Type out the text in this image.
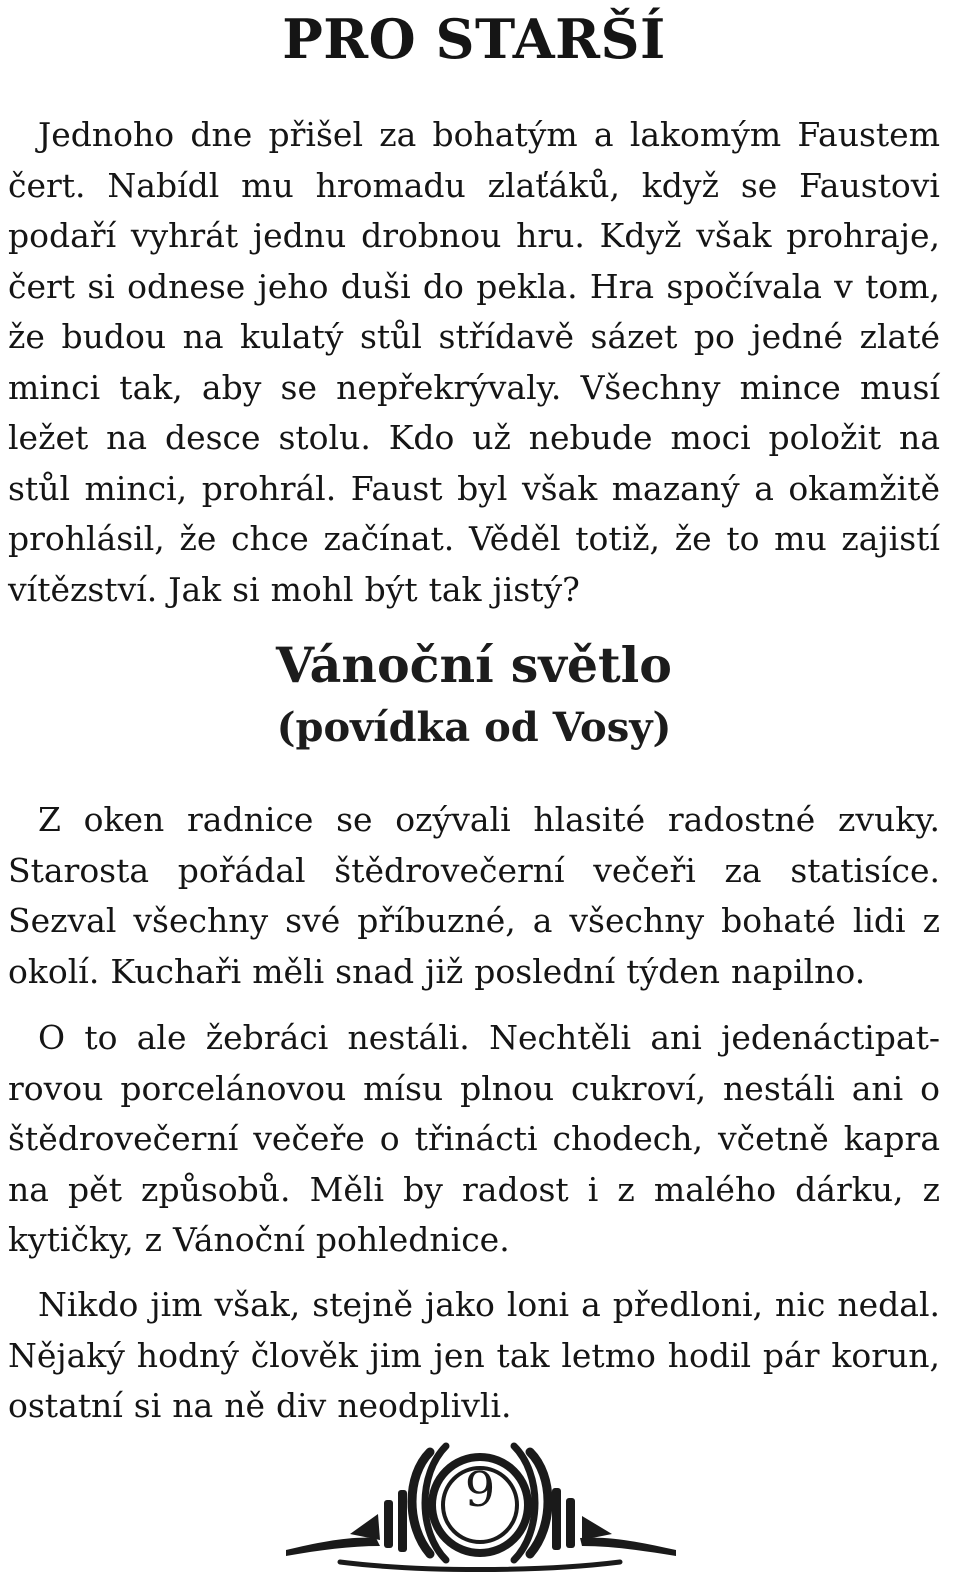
PRO STARŠÍ

Jednoho dne přišel za bohatým a lakomým Faustem čert. Nabídl mu hromadu zlaťáků, když se Faustovi podaří vyhrát jednu drobnou hru. Když však prohraje, čert si odnese jeho duši do pekla. Hra spočívala v tom, že budou na kulatý stůl střídavě sázet po jedné zlaté minci tak, aby se nepřekrývaly. Všechny mince musí ležet na desce stolu. Kdo už nebude moci položit na stůl minci, prohrál. Faust byl však mazaný a okamžitě prohlásil, že chce začínat. Věděl totiž, že to mu zajistí vítězství. Jak si mohl být tak jistý?

Vánoční světlo
(povídka od Vosy)

Z oken radnice se ozývali hlasité radostné zvuky. Starosta pořádal štědrovečerní večeři za statisíce. Sezval všechny své příbuzné, a všechny bohaté lidi z okolí. Kuchaři měli snad již poslední týden napilno.

O to ale žebráci nestáli. Nechtěli ani jedenáctipatrovou porcelánovou mísu plnou cukroví, nestáli ani o štědrovečerní večeře o třinácti chodech, včetně kapra na pět způsobů. Měli by radost i z malého dárku, z kytičky, z Vánoční pohlednice.

Nikdo jim však, stejně jako loni a předloni, nic nedal. Nějaký hodný člověk jim jen tak letmo hodil pár korun, ostatní si na ně div neodplivli.

9
